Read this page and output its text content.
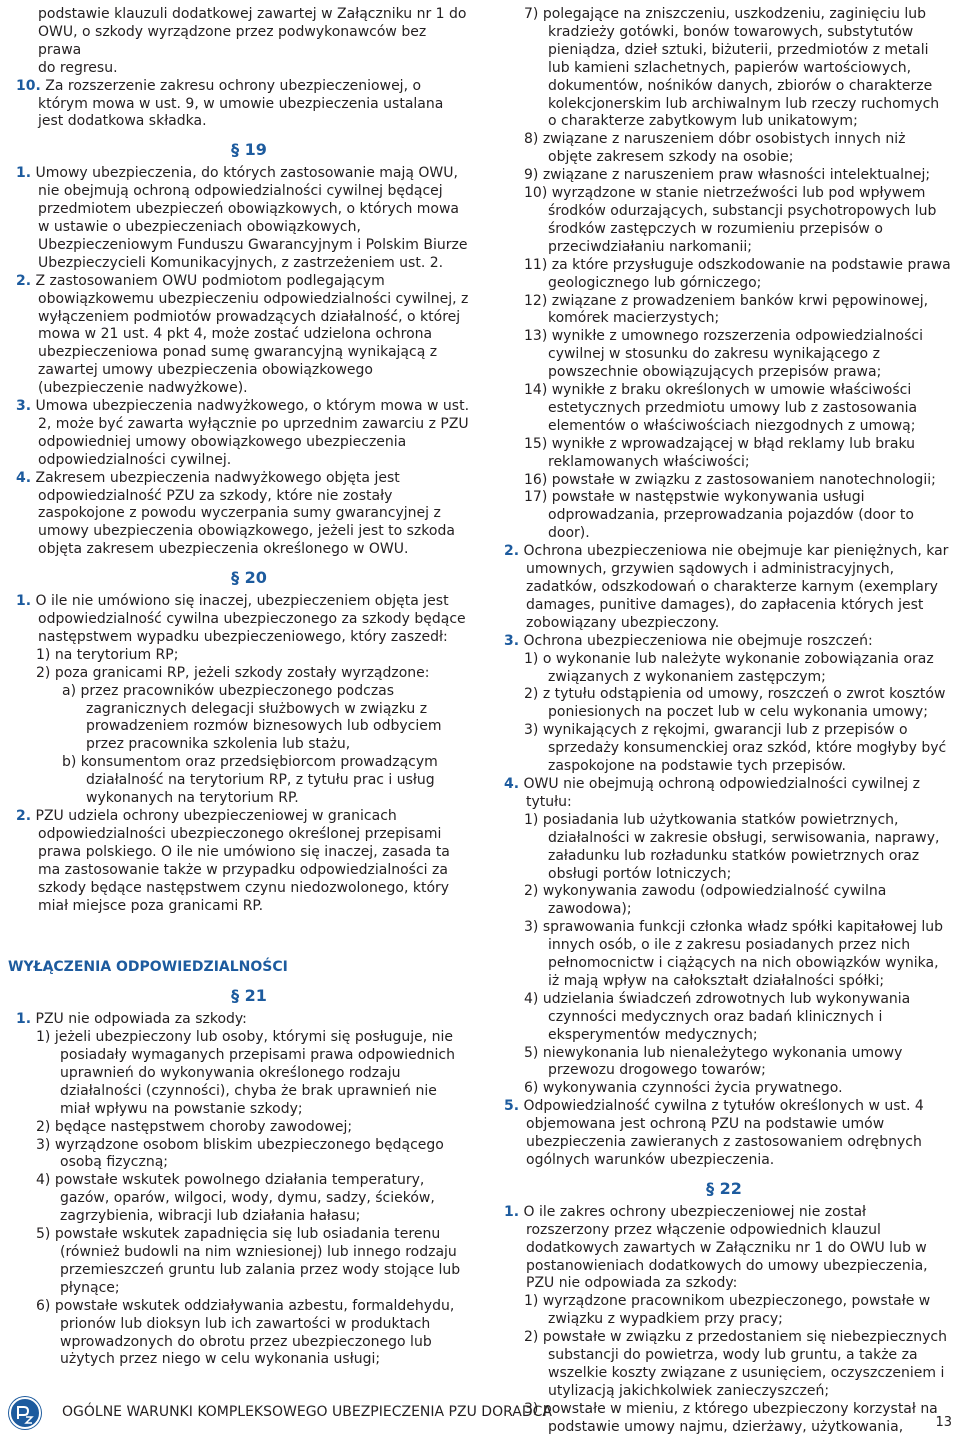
podstawie klauzuli dodatkowej zawartej w Załączniku nr 1 do
OWU, o szkody wyrządzone przez podwykonawców bez prawa
do regresu.
10. Za rozszerzenie zakresu ochrony ubezpieczeniowej, o którym mowa w ust. 9, w umowie ubezpieczenia ustalana jest dodatkowa składka.
§ 19
1. Umowy ubezpieczenia, do których zastosowanie mają OWU, nie obejmują ochroną odpowiedzialności cywilnej będącej przedmiotem ubezpieczeń obowiązkowych, o których mowa w ustawie o ubezpieczeniach obowiązkowych, Ubezpieczeniowym Funduszu Gwarancyjnym i Polskim Biurze Ubezpieczycieli Komunikacyjnych, z zastrzeżeniem ust. 2.
2. Z zastosowaniem OWU podmiotom podlegającym obowiązkowemu ubezpieczeniu odpowiedzialności cywilnej, z wyłączeniem podmiotów prowadzących działalność, o której mowa w 21 ust. 4 pkt 4, może zostać udzielona ochrona ubezpieczeniowa ponad sumę gwarancyjną wynikającą z zawartej umowy ubezpieczenia obowiązkowego (ubezpieczenie nadwyżkowe).
3. Umowa ubezpieczenia nadwyżkowego, o którym mowa w ust. 2, może być zawarta wyłącznie po uprzednim zawarciu z PZU odpowiedniej umowy obowiązkowego ubezpieczenia odpowiedzialności cywilnej.
4. Zakresem ubezpieczenia nadwyżkowego objęta jest odpowiedzialność PZU za szkody, które nie zostały zaspokojone z powodu wyczerpania sumy gwarancyjnej z umowy ubezpieczenia obowiązkowego, jeżeli jest to szkoda objęta zakresem ubezpieczenia określonego w OWU.
§ 20
1. O ile nie umówiono się inaczej, ubezpieczeniem objęta jest odpowiedzialność cywilna ubezpieczonego za szkody będące następstwem wypadku ubezpieczeniowego, który zaszedł:
1) na terytorium RP;
2) poza granicami RP, jeżeli szkody zostały wyrządzone:
a) przez pracowników ubezpieczonego podczas zagranicznych delegacji służbowych w związku z prowadzeniem rozmów biznesowych lub odbyciem przez pracownika szkolenia lub stażu,
b) konsumentom oraz przedsiębiorcom prowadzącym działalność na terytorium RP, z tytułu prac i usług wykonanych na terytorium RP.
2. PZU udziela ochrony ubezpieczeniowej w granicach odpowiedzialności ubezpieczonego określonej przepisami prawa polskiego. O ile nie umówiono się inaczej, zasada ta ma zastosowanie także w przypadku odpowiedzialności za szkody będące następstwem czynu niedozwolonego, który miał miejsce poza granicami RP.
WYŁĄCZENIA ODPOWIEDZIALNOŚCI
§ 21
1. PZU nie odpowiada za szkody:
1) jeżeli ubezpieczony lub osoby, którymi się posługuje, nie posiadały wymaganych przepisami prawa odpowiednich uprawnień do wykonywania określonego rodzaju działalności (czynności), chyba że brak uprawnień nie miał wpływu na powstanie szkody;
2) będące następstwem choroby zawodowej;
3) wyrządzone osobom bliskim ubezpieczonego będącego osobą fizyczną;
4) powstałe wskutek powolnego działania temperatury, gazów, oparów, wilgoci, wody, dymu, sadzy, ścieków, zagrzybienia, wibracji lub działania hałasu;
5) powstałe wskutek zapadnięcia się lub osiadania terenu (również budowli na nim wzniesionej) lub innego rodzaju przemieszczeń gruntu lub zalania przez wody stojące lub płynące;
6) powstałe wskutek oddziaływania azbestu, formaldehydu, prionów lub dioksyn lub ich zawartości w produktach wprowadzonych do obrotu przez ubezpieczonego lub użytych przez niego w celu wykonania usługi;
7) polegające na zniszczeniu, uszkodzeniu, zaginięciu lub kradzieży gotówki, bonów towarowych, substytutów pieniądza, dzieł sztuki, biżuterii, przedmiotów z metali lub kamieni szlachetnych, papierów wartościowych, dokumentów, nośników danych, zbiorów o charakterze kolekcjonerskim lub archiwalnym lub rzeczy ruchomych o charakterze zabytkowym lub unikatowym;
8) związane z naruszeniem dóbr osobistych innych niż objęte zakresem szkody na osobie;
9) związane z naruszeniem praw własności intelektualnej;
10) wyrządzone w stanie nietrzeźwości lub pod wpływem środków odurzających, substancji psychotropowych lub środków zastępczych w rozumieniu przepisów o przeciwdziałaniu narkomanii;
11) za które przysługuje odszkodowanie na podstawie prawa geologicznego lub górniczego;
12) związane z prowadzeniem banków krwi pępowinowej, komórek macierzystych;
13) wynikłe z umownego rozszerzenia odpowiedzialności cywilnej w stosunku do zakresu wynikającego z powszechnie obowiązujących przepisów prawa;
14) wynikłe z braku określonych w umowie właściwości estetycznych przedmiotu umowy lub z zastosowania elementów o właściwościach niezgodnych z umową;
15) wynikłe z wprowadzającej w błąd reklamy lub braku reklamowanych właściwości;
16) powstałe w związku z zastosowaniem nanotechnologii;
17) powstałe w następstwie wykonywania usługi odprowadzania, przeprowadzania pojazdów (door to door).
2. Ochrona ubezpieczeniowa nie obejmuje kar pieniężnych, kar umownych, grzywien sądowych i administracyjnych, zadatków, odszkodowań o charakterze karnym (exemplary damages, punitive damages), do zapłacenia których jest zobowiązany ubezpieczony.
3. Ochrona ubezpieczeniowa nie obejmuje roszczeń:
1) o wykonanie lub należyte wykonanie zobowiązania oraz związanych z wykonaniem zastępczym;
2) z tytułu odstąpienia od umowy, roszczeń o zwrot kosztów poniesionych na poczet lub w celu wykonania umowy;
3) wynikających z rękojmi, gwarancji lub z przepisów o sprzedaży konsumenckiej oraz szkód, które mogłyby być zaspokojone na podstawie tych przepisów.
4. OWU nie obejmują ochroną odpowiedzialności cywilnej z tytułu:
1) posiadania lub użytkowania statków powietrznych, działalności w zakresie obsługi, serwisowania, naprawy, załadunku lub rozładunku statków powietrznych oraz obsługi portów lotniczych;
2) wykonywania zawodu (odpowiedzialność cywilna zawodowa);
3) sprawowania funkcji członka władz spółki kapitałowej lub innych osób, o ile z zakresu posiadanych przez nich pełnomocnictw i ciążących na nich obowiązków wynika, iż mają wpływ na całokształt działalności spółki;
4) udzielania świadczeń zdrowotnych lub wykonywania czynności medycznych oraz badań klinicznych i eksperymentów medycznych;
5) niewykonania lub nienależytego wykonania umowy przewozu drogowego towarów;
6) wykonywania czynności życia prywatnego.
5. Odpowiedzialność cywilna z tytułów określonych w ust. 4 objemowana jest ochroną PZU na podstawie umów ubezpieczenia zawieranych z zastosowaniem odrębnych ogólnych warunków ubezpieczenia.
§ 22
1. O ile zakres ochrony ubezpieczeniowej nie został rozszerzony przez włączenie odpowiednich klauzul dodatkowych zawartych w Załączniku nr 1 do OWU lub w postanowieniach dodatkowych do umowy ubezpieczenia, PZU nie odpowiada za szkody:
1) wyrządzone pracownikom ubezpieczonego, powstałe w związku z wypadkiem przy pracy;
2) powstałe w związku z przedostaniem się niebezpiecznych substancji do powietrza, wody lub gruntu, a także za wszelkie koszty związane z usunięciem, oczyszczeniem i utylizacją jakichkolwiek zanieczyszczeń;
3) powstałe w mieniu, z którego ubezpieczony korzystał na podstawie umowy najmu, dzierżawy, użytkowania,
OGÓLNE WARUNKI KOMPLEKSOWEGO UBEZPIECZENIA PZU DORADCA
13
